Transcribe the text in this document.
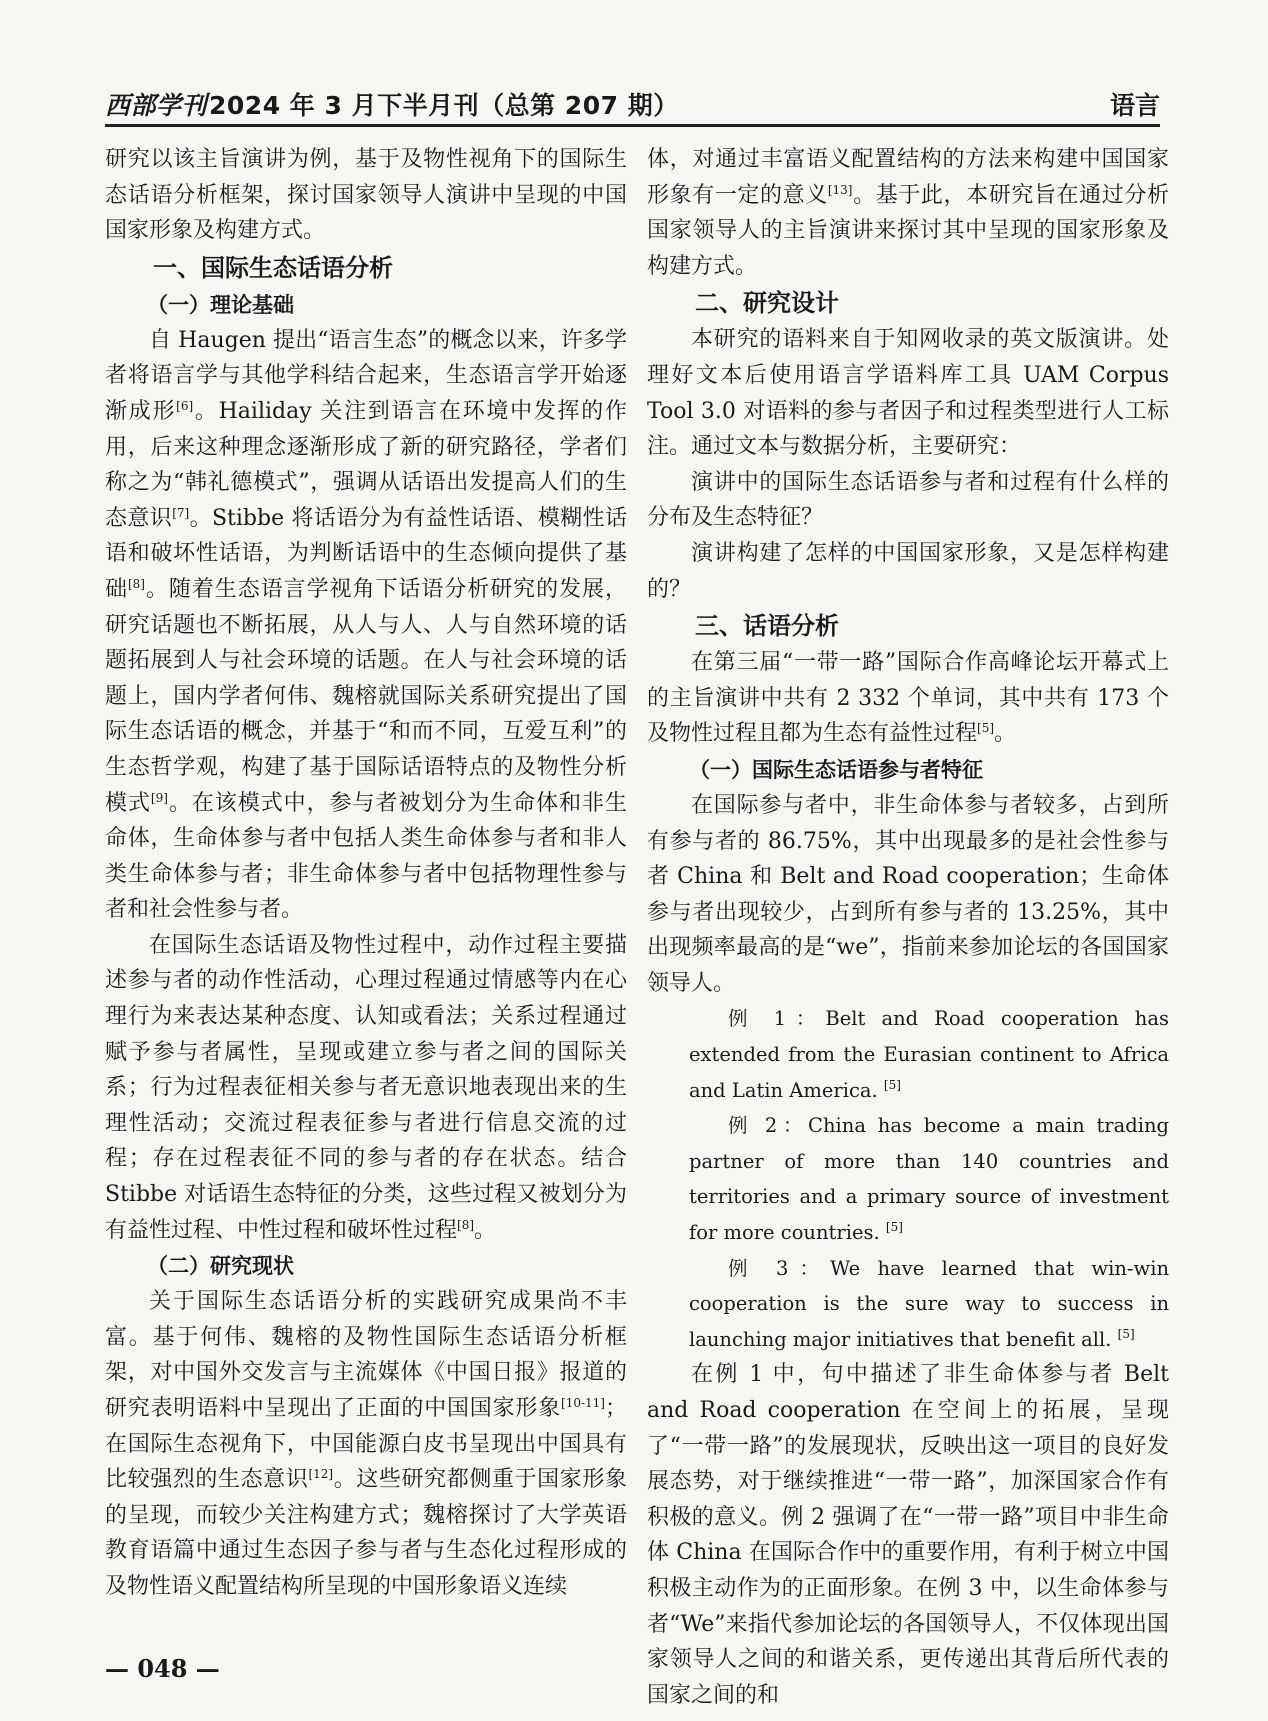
西部学刊2024 年 3 月下半月刊（总第 207 期）	语言

研究以该主旨演讲为例，基于及物性视角下的国际生态话语分析框架，探讨国家领导人演讲中呈现的中国国家形象及构建方式。

一、国际生态话语分析
（一）理论基础

自 Haugen 提出“语言生态”的概念以来，许多学者将语言学与其他学科结合起来，生态语言学开始逐渐成形[6]。Hailiday 关注到语言在环境中发挥的作用，后来这种理念逐渐形成了新的研究路径，学者们称之为“韩礼德模式”，强调从话语出发提高人们的生态意识[7]。Stibbe 将话语分为有益性话语、模糊性话语和破坏性话语，为判断话语中的生态倾向提供了基础[8]。随着生态语言学视角下话语分析研究的发展，研究话题也不断拓展，从人与人、人与自然环境的话题拓展到人与社会环境的话题。在人与社会环境的话题上，国内学者何伟、魏榕就国际关系研究提出了国际生态话语的概念，并基于“和而不同，互爱互利”的生态哲学观，构建了基于国际话语特点的及物性分析模式[9]。在该模式中，参与者被划分为生命体和非生命体，生命体参与者中包括人类生命体参与者和非人类生命体参与者；非生命体参与者中包括物理性参与者和社会性参与者。

在国际生态话语及物性过程中，动作过程主要描述参与者的动作性活动，心理过程通过情感等内在心理行为来表达某种态度、认知或看法；关系过程通过赋予参与者属性，呈现或建立参与者之间的国际关系；行为过程表征相关参与者无意识地表现出来的生理性活动；交流过程表征参与者进行信息交流的过程；存在过程表征不同的参与者的存在状态。结合 Stibbe 对话语生态特征的分类，这些过程又被划分为有益性过程、中性过程和破坏性过程[8]。

（二）研究现状

关于国际生态话语分析的实践研究成果尚不丰富。基于何伟、魏榕的及物性国际生态话语分析框架，对中国外交发言与主流媒体《中国日报》报道的研究表明语料中呈现出了正面的中国国家形象[10-11]；在国际生态视角下，中国能源白皮书呈现出中国具有比较强烈的生态意识[12]。这些研究都侧重于国家形象的呈现，而较少关注构建方式；魏榕探讨了大学英语教育语篇中通过生态因子参与者与生态化过程形成的及物性语义配置结构所呈现的中国形象语义连续

体，对通过丰富语义配置结构的方法来构建中国国家形象有一定的意义[13]。基于此，本研究旨在通过分析国家领导人的主旨演讲来探讨其中呈现的国家形象及构建方式。

二、研究设计

本研究的语料来自于知网收录的英文版演讲。处理好文本后使用语言学语料库工具 UAM Corpus Tool 3.0 对语料的参与者因子和过程类型进行人工标注。通过文本与数据分析，主要研究：

演讲中的国际生态话语参与者和过程有什么样的分布及生态特征？

演讲构建了怎样的中国国家形象，又是怎样构建的？

三、话语分析

在第三届“一带一路”国际合作高峰论坛开幕式上的主旨演讲中共有 2 332 个单词，其中共有 173 个及物性过程且都为生态有益性过程[5]。

（一）国际生态话语参与者特征

在国际参与者中，非生命体参与者较多，占到所有参与者的 86.75%，其中出现最多的是社会性参与者 China 和 Belt and Road cooperation；生命体参与者出现较少，占到所有参与者的 13.25%，其中出现频率最高的是“we”，指前来参加论坛的各国国家领导人。

例 1：Belt and Road cooperation has extended from the Eurasian continent to Africa and Latin America. [5]

例 2：China has become a main trading partner of more than 140 countries and territories and a primary source of investment for more countries. [5]

例 3：We have learned that win-win cooperation is the sure way to success in launching major initiatives that benefit all. [5]

在例 1 中，句中描述了非生命体参与者 Belt and Road cooperation 在空间上的拓展，呈现了“一带一路”的发展现状，反映出这一项目的良好发展态势，对于继续推进“一带一路”，加深国家合作有积极的意义。例 2 强调了在“一带一路”项目中非生命体 China 在国际合作中的重要作用，有利于树立中国积极主动作为的正面形象。在例 3 中，以生命体参与者“We”来指代参加论坛的各国领导人，不仅体现出国家领导人之间的和谐关系，更传递出其背后所代表的国家之间的和

— 048 —
